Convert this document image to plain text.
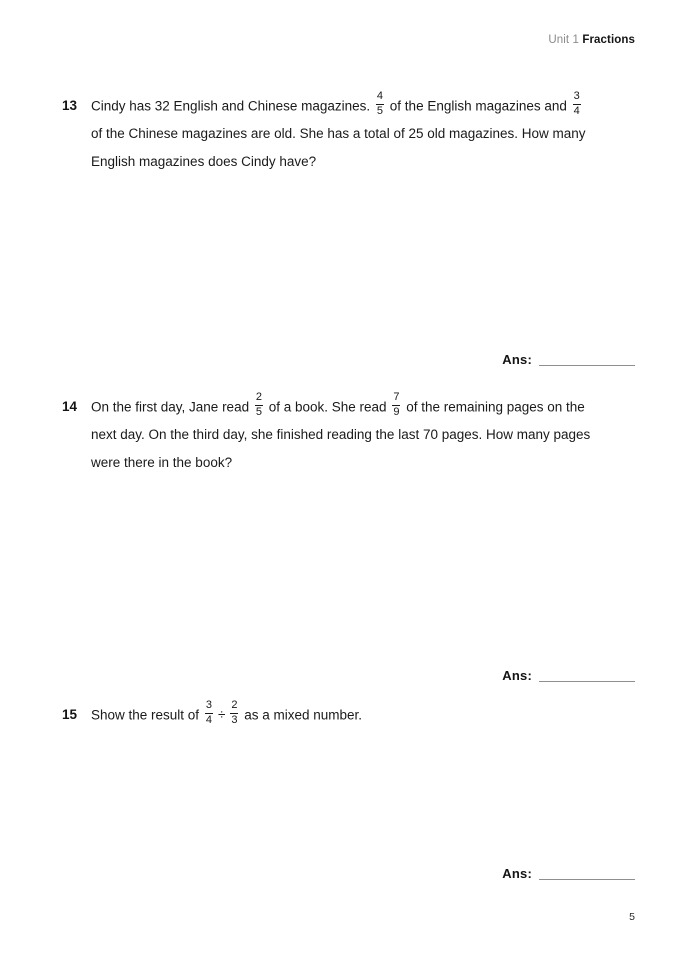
Unit 1 Fractions
13	Cindy has 32 English and Chinese magazines. $\frac{4}{5}$ of the English magazines and $\frac{3}{4}$
of the Chinese magazines are old. She has a total of 25 old magazines. How many
English magazines does Cindy have?
Ans:
14	On the first day, Jane read $\frac{2}{5}$ of a book. She read $\frac{7}{9}$ of the remaining pages on the
next day. On the third day, she finished reading the last 70 pages. How many pages
were there in the book?
Ans:
15	Show the result of $\frac{3}{4} \div \frac{2}{3}$ as a mixed number.
Ans:
5
